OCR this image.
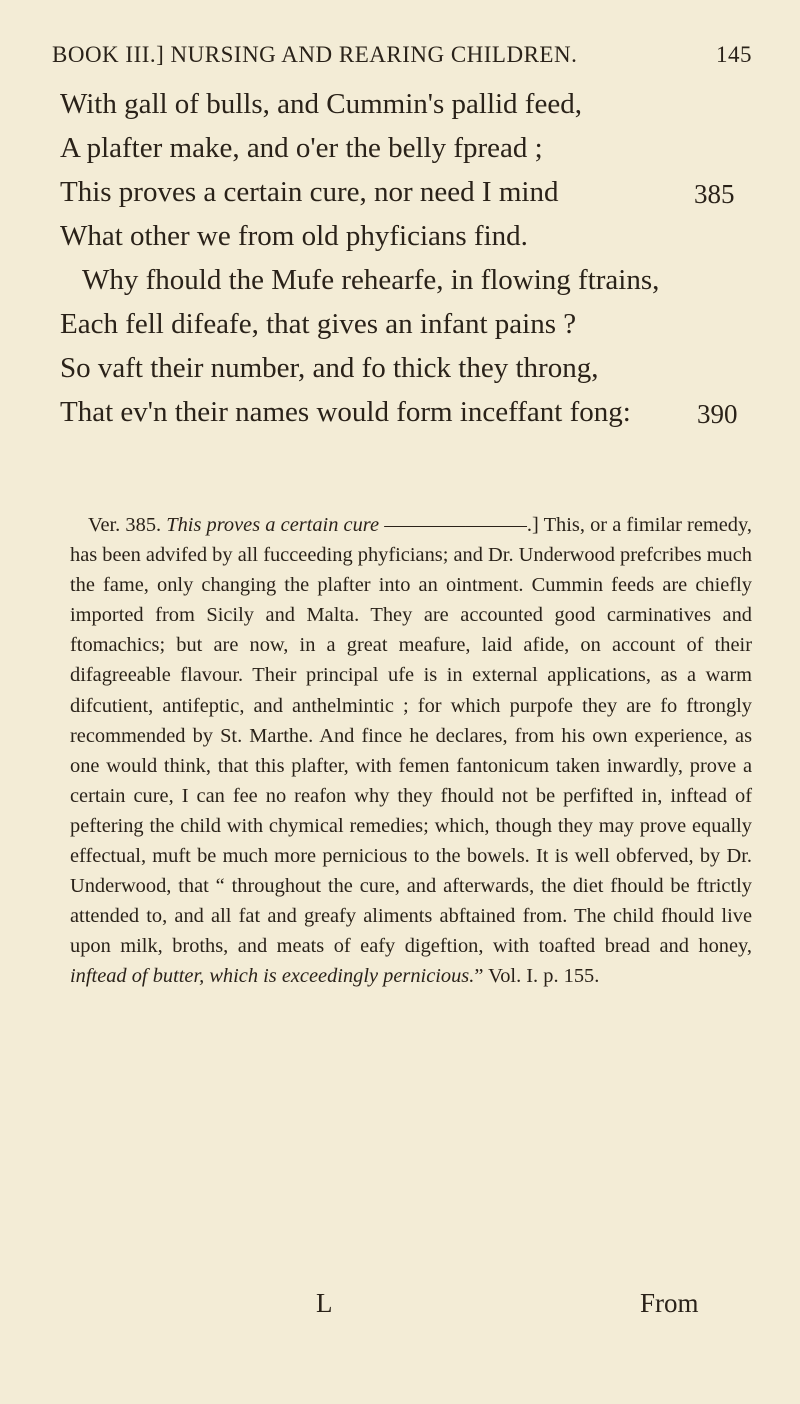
BOOK III.] NURSING AND REARING CHILDREN.	145
With gall of bulls, and Cummin's pallid feed,
A plafter make, and o'er the belly fpread ;
This proves a certain cure, nor need I mind	385
What other we from old phyficians find.
Why fhould the Mufe rehearfe, in flowing ftrains,
Each fell difeafe, that gives an infant pains ?
So vaft their number, and fo thick they throng,
That ev'n their names would form inceffant fong: 390

Ver. 385. This proves a certain cure ———————.] This, or a fimilar remedy, has been advifed by all fucceeding phyficians; and Dr. Underwood prefcribes much the fame, only changing the plafter into an ointment. Cummin feeds are chiefly imported from Sicily and Malta. They are accounted good carminatives and ftomachics; but are now, in a great meafure, laid afide, on account of their difagreeable flavour. Their principal ufe is in external applications, as a warm difcutient, antifeptic, and anthelmintic ; for which purpofe they are fo ftrongly recommended by St. Marthe. And fince he declares, from his own experience, as one would think, that this plafter, with femen fantonicum taken inwardly, prove a certain cure, I can fee no reafon why they fhould not be perfifted in, inftead of peftering the child with chymical remedies; which, though they may prove equally effectual, muft be much more pernicious to the bowels. It is well obferved, by Dr. Underwood, that “ throughout the cure, and afterwards, the diet fhould be ftrictly attended to, and all fat and greafy aliments abftained from. The child fhould live upon milk, broths, and meats of eafy digeftion, with toafted bread and honey, inftead of butter, which is exceedingly pernicious.” Vol. I. p. 155.

L	From
